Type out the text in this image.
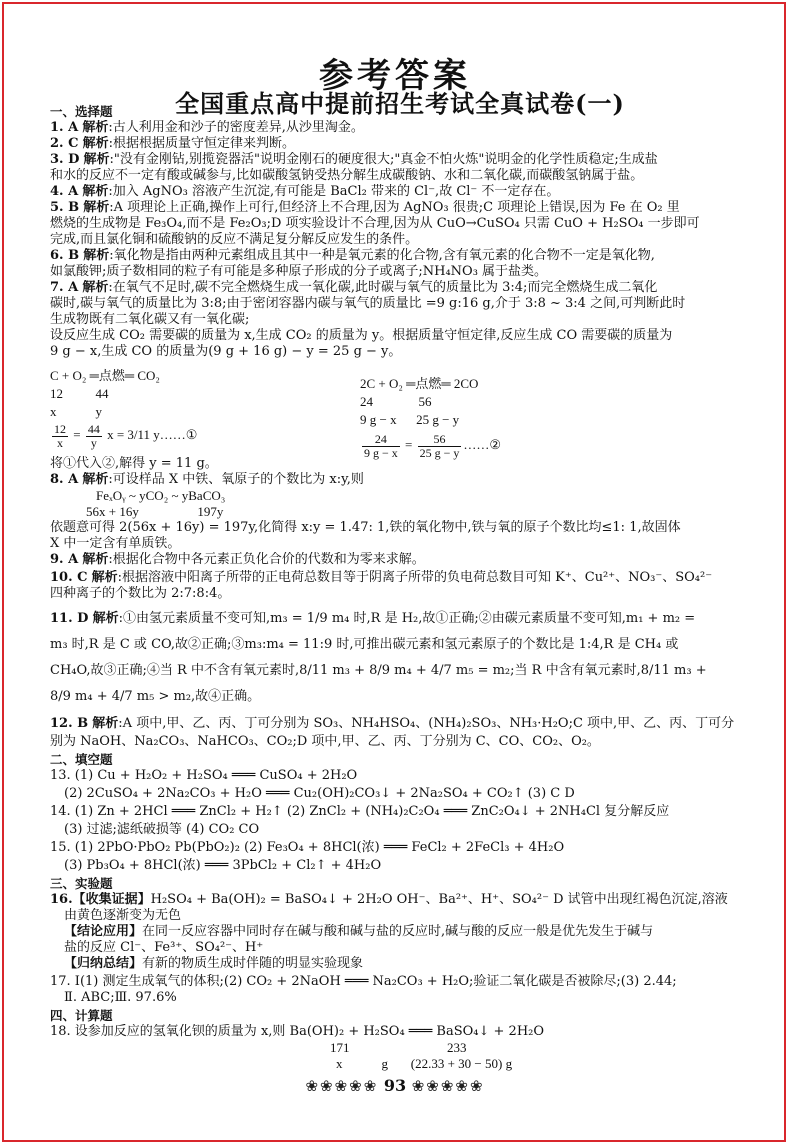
参考答案
全国重点高中提前招生考试全真试卷(一)
一、选择题
1. A 解析:古人利用金和沙子的密度差异,从沙里淘金。
2. C 解析:根据根据质量守恒定律来判断。
3. D 解析:"没有金刚钻,别揽瓷器活"说明金刚石的硬度很大;"真金不怕火炼"说明金的化学性质稳定;生成盐
和水的反应不一定有酸或碱参与,比如碳酸氢钠受热分解生成碳酸钠、水和二氧化碳,而碳酸氢钠属于盐。
4. A 解析:加入 AgNO₃ 溶液产生沉淀,有可能是 BaCl₂ 带来的 Cl⁻,故 Cl⁻ 不一定存在。
5. B 解析:A 项理论上正确,操作上可行,但经济上不合理,因为 AgNO₃ 很贵;C 项理论上错误,因为 Fe 在 O₂ 里
燃烧的生成物是 Fe₃O₄,而不是 Fe₂O₃;D 项实验设计不合理,因为从 CuO→CuSO₄ 只需 CuO + H₂SO₄ 一步即可
完成,而且氯化铜和硫酸钠的反应不满足复分解反应发生的条件。
6. B 解析:氧化物是指由两种元素组成且其中一种是氧元素的化合物,含有氧元素的化合物不一定是氧化物,
如氯酸钾;质子数相同的粒子有可能是多种原子形成的分子或离子;NH₄NO₃ 属于盐类。
7. A 解析:在氧气不足时,碳不完全燃烧生成一氧化碳,此时碳与氧气的质量比为 3:4;而完全燃烧生成二氧化
碳时,碳与氧气的质量比为 3:8;由于密闭容器内碳与氧气的质量比 =9 g:16 g,介于 3:8 ~ 3:4 之间,可判断此时
生成物既有二氧化碳又有一氧化碳;
设反应生成 CO₂ 需要碳的质量为 x,生成 CO₂ 的质量为 y。根据质量守恒定律,反应生成 CO 需要碳的质量为
9 g − x,生成 CO 的质量为(9 g + 16 g) − y = 25 g − y。
C + O₂ ═点燃═ CO₂
2C + O₂ ═点燃═ 2CO
12          44
24              56
x            y
9 g − x      25 g − y
$\frac{12}{x} = \frac{44}{y}$ x = 3/11 y……①	$\frac{24}{9 g - x} = \frac{56}{25 g - y}$ ……②
将①代入②,解得 y = 11 g。
8. A 解析:可设样品 X 中铁、氧原子的个数比为 x:y,则
FeₓOᵧ ~ yCO₂ ~ yBaCO₃
56x + 16y                  197y
依题意可得 2(56x + 16y) = 197y,化简得 x:y = 1.47: 1,铁的氧化物中,铁与氧的原子个数比均≤1: 1,故固体
X 中一定含有单质铁。
9. A 解析:根据化合物中各元素正负化合价的代数和为零来求解。
10. C 解析:根据溶液中阳离子所带的正电荷总数目等于阴离子所带的负电荷总数目可知 K⁺、Cu²⁺、NO₃⁻、SO₄²⁻
四种离子的个数比为 2:7:8:4。
11. D 解析:①由氢元素质量不变可知,m₃ = 1/9 m₄ 时,R 是 H₂,故①正确;②由碳元素质量不变可知,m₁ + m₂ =
m₃ 时,R 是 C 或 CO,故②正确;③m₃:m₄ = 11:9 时,可推出碳元素和氢元素原子的个数比是 1:4,R 是 CH₄ 或
CH₄O,故③正确;④当 R 中不含有氧元素时,8/11 m₃ + 8/9 m₄ + 4/7 m₅ = m₂;当 R 中含有氧元素时,8/11 m₃ +
8/9 m₄ + 4/7 m₅ > m₂,故④正确。
12. B 解析:A 项中,甲、乙、丙、丁可分别为 SO₃、NH₄HSO₄、(NH₄)₂SO₃、NH₃·H₂O;C 项中,甲、乙、丙、丁可分
别为 NaOH、Na₂CO₃、NaHCO₃、CO₂;D 项中,甲、乙、丙、丁分别为 C、CO、CO₂、O₂。
二、填空题
13. (1) Cu + H₂O₂ + H₂SO₄ ═══ CuSO₄ + 2H₂O
(2) 2CuSO₄ + 2Na₂CO₃ + H₂O ═══ Cu₂(OH)₂CO₃↓ + 2Na₂SO₄ + CO₂↑ (3) C D
14. (1) Zn + 2HCl ═══ ZnCl₂ + H₂↑ (2) ZnCl₂ + (NH₄)₂C₂O₄ ═══ ZnC₂O₄↓ + 2NH₄Cl 复分解反应
(3) 过滤;滤纸破损等 (4) CO₂ CO
15. (1) 2PbO·PbO₂ Pb(PbO₂)₂ (2) Fe₃O₄ + 8HCl(浓) ═══ FeCl₂ + 2FeCl₃ + 4H₂O
(3) Pb₃O₄ + 8HCl(浓) ═══ 3PbCl₂ + Cl₂↑ + 4H₂O
三、实验题
16.【收集证据】H₂SO₄ + Ba(OH)₂ = BaSO₄↓ + 2H₂O OH⁻、Ba²⁺、H⁺、SO₄²⁻ D 试管中出现红褐色沉淀,溶液
由黄色逐渐变为无色
【结论应用】在同一反应容器中同时存在碱与酸和碱与盐的反应时,碱与酸的反应一般是优先发生于碱与
盐的反应 Cl⁻、Fe³⁺、SO₄²⁻、H⁺
【归纳总结】有新的物质生成时伴随的明显实验现象
17. Ⅰ(1) 测定生成氧气的体积;(2) CO₂ + 2NaOH ═══ Na₂CO₃ + H₂O;验证二氧化碳是否被除尽;(3) 2.44;
Ⅱ. ABC;Ⅲ. 97.6%
四、计算题
18. 设参加反应的氢氧化钡的质量为 x,则 Ba(OH)₂ + H₂SO₄ ═══ BaSO₄↓ + 2H₂O
171                              233
x            g       (22.33 + 30 − 50) g
❀❀❀❀❀ 93 ❀❀❀❀❀
